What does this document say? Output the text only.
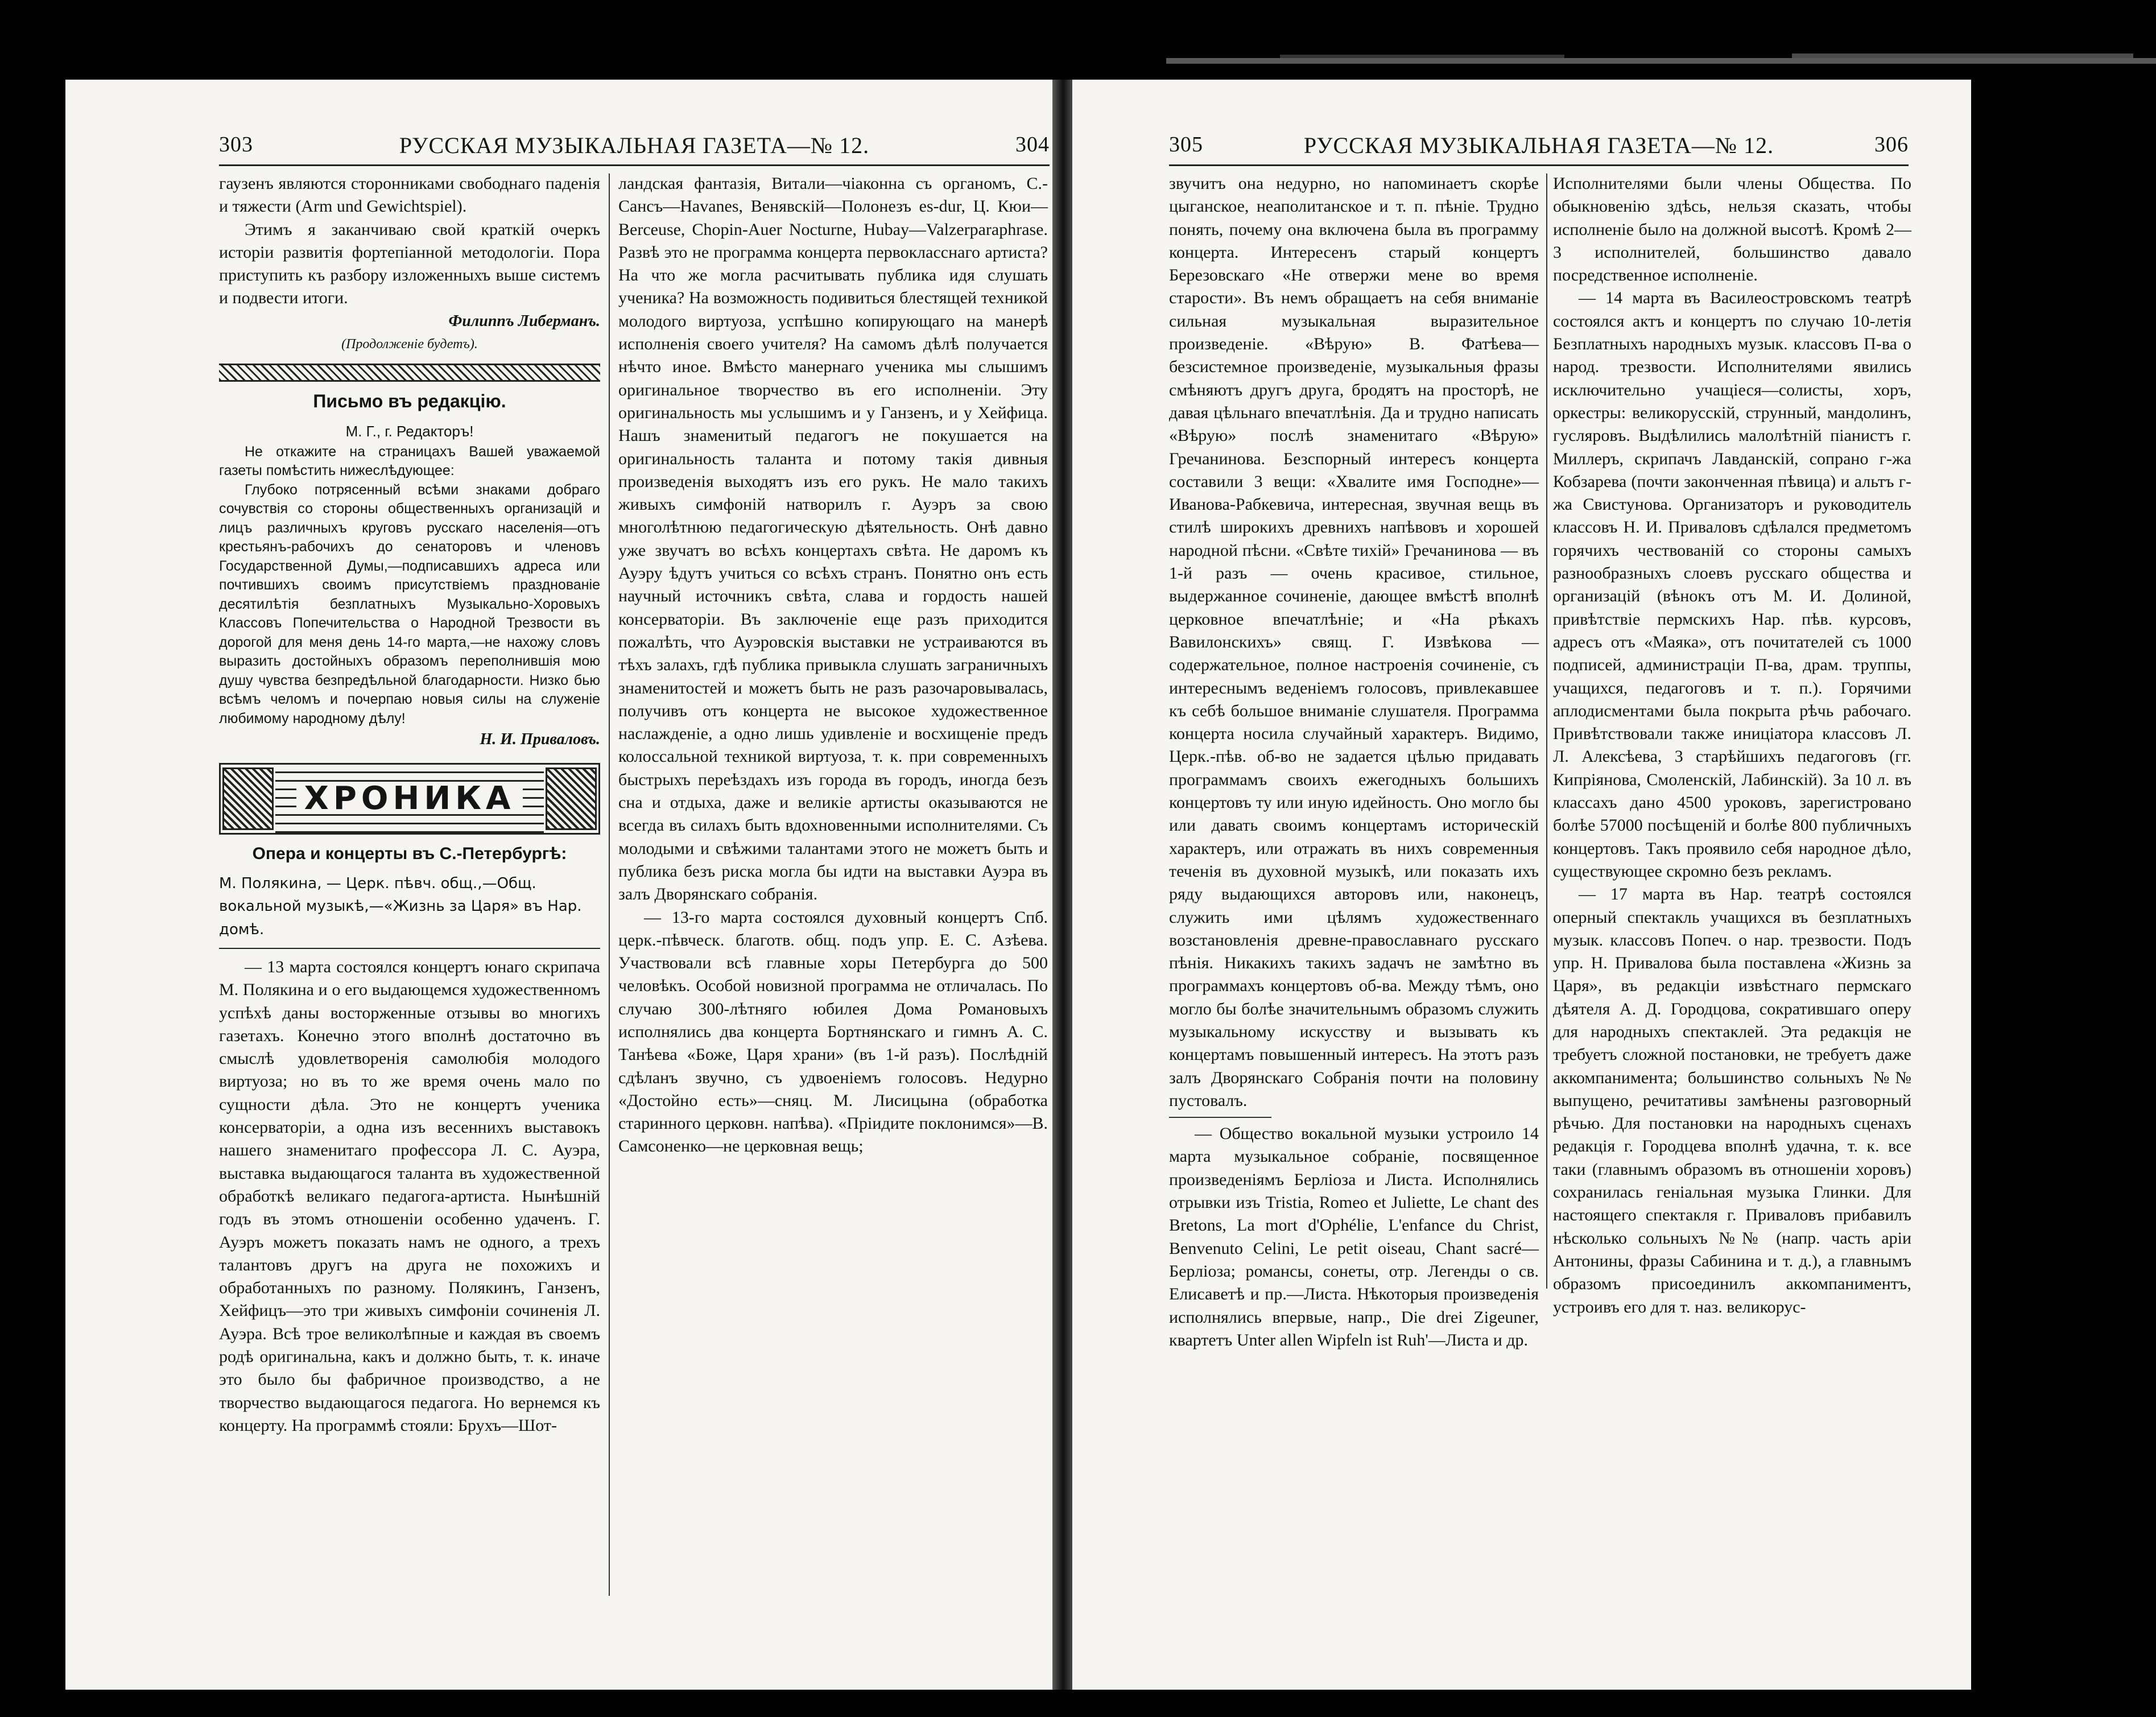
303	РУССКАЯ МУЗЫКАЛЬНАЯ ГАЗЕТА—№ 12.	304

гаузенъ являются сторонниками свободнаго паденія и тяжести (Arm und Gewichtspiel).

Этимъ я заканчиваю свой краткій очеркъ исторіи развитія фортепіанной методологіи. Пора приступить къ разбору изложенныхъ выше системъ и подвести итоги.

Филиппъ Либерманъ.

(Продолженіе будетъ).

Письмо въ редакцію.

М. Г., г. Редакторъ!

Не откажите на страницахъ Вашей уважаемой газеты помѣстить нижеслѣдующее:

Глубоко потрясенный всѣми знаками добраго сочувствія со стороны общественныхъ организацій и лицъ различныхъ круговъ русскаго населенія—отъ крестьянъ-рабочихъ до сенаторовъ и членовъ Государственной Думы,—подписавшихъ адреса или почтившихъ своимъ присутствіемъ празднованіе десятилѣтія безплатныхъ Музыкально-Хоровыхъ Классовъ Попечительства о Народной Трезвости въ дорогой для меня день 14-го марта,—не нахожу словъ выразить достойныхъ образомъ переполнившія мою душу чувства безпредѣльной благодарности. Низко бью всѣмъ челомъ и почерпаю новыя силы на служеніе любимому народному дѣлу!

Н. И. Приваловъ.

ХРОНИКА

Опера и концерты въ С.-Петербургѣ:

М. Полякина, — Церк. пѣвч. общ.,—Общ. вокальной музыкѣ,—«Жизнь за Царя» въ Нар. домѣ.

— 13 марта состоялся концертъ юнаго скрипача М. Полякина и о его выдающемся художественномъ успѣхѣ даны восторженные отзывы во многихъ газетахъ. Конечно этого вполнѣ достаточно въ смыслѣ удовлетворенія самолюбія молодого виртуоза; но въ то же время очень мало по сущности дѣла. Это не концертъ ученика консерваторіи, а одна изъ весеннихъ выставокъ нашего знаменитаго профессора Л. С. Ауэра, выставка выдающагося таланта въ художественной обработкѣ великаго педагога-артиста. Нынѣшній годъ въ этомъ отношеніи особенно удаченъ. Г. Ауэръ можетъ показать намъ не одного, а трехъ талантовъ другъ на друга не похожихъ и обработанныхъ по разному. Полякинъ, Ганзенъ, Хейфицъ—это три живыхъ симфоніи сочиненія Л. Ауэра. Всѣ трое великолѣпные и каждая въ своемъ родѣ оригинальна, какъ и должно быть, т. к. иначе это было бы фабричное производство, а не творчество выдающагося педагога. Но вернемся къ концерту. На программѣ стояли: Брухъ—Шот-

ландская фантазія, Витали—чіаконна съ органомъ, С.-Сансъ—Havanes, Венявскій—Полонезъ es-dur, Ц. Кюи—Berceuse, Chopin-Auer Nocturne, Hubay—Valzerparaphrase. Развѣ это не программа концерта первоклаcснаго артиста? На что же могла расчитывать публика идя слушать ученика? На возможность подивиться блестящей техникой молодого виртуоза, успѣшно копирующаго на манерѣ исполненія своего учителя? На самомъ дѣлѣ получается нѣчто иное. Вмѣсто манернаго ученика мы слышимъ оригинальное творчество въ его исполненіи. Эту оригинальность мы услышимъ и у Ганзенъ, и у Хейфица. Нашъ знаменитый педагогъ не покушается на оригинальность таланта и потому такія дивныя произведенія выходятъ изъ его рукъ. Не мало такихъ живыхъ симфоній натворилъ г. Ауэръ за свою многолѣтнюю педагогическую дѣятельность. Онѣ давно уже звучатъ во всѣхъ концертахъ свѣта. Не даромъ къ Ауэру ѣдутъ учиться со всѣхъ странъ. Понятно онъ есть научный источникъ свѣта, слава и гордость нашей консерваторіи. Въ заключеніе еще разъ приходится пожалѣть, что Ауэровскія выставки не устраиваются въ тѣхъ залахъ, гдѣ публика привыкла слушать заграничныхъ знаменитостей и можетъ быть не разъ разочаровывалась, получивъ отъ концерта не высокое художественное наслажденіе, а одно лишь удивленіе и восхищеніе предъ колоссальной техникой виртуоза, т. к. при современныхъ быстрыхъ переѣздахъ изъ города въ городъ, иногда безъ сна и отдыха, даже и великіе артисты оказываются не всегда въ силахъ быть вдохновенными исполнителями. Съ молодыми и свѣжими талантами этого не можетъ быть и публика безъ риска могла бы идти на выставки Ауэра въ залъ Дворянскаго собранія.

— 13-го марта состоялся духовный концертъ Спб. церк.-пѣвческ. благотв. общ. подъ упр. Е. С. Азѣева. Участвовали всѣ главные хоры Петербурга до 500 человѣкъ. Особой новизной программа не отличалась. По случаю 300-лѣтняго юбилея Дома Романовыхъ исполнялись два концерта Бортнянскаго и гимнъ А. С. Танѣева «Боже, Царя храни» (въ 1-й разъ). Послѣдній сдѣланъ звучно, съ удвоеніемъ голосовъ. Недурно «Достойно есть»—сняц. М. Лисицына (обработка старинного церковн. напѣва). «Пріидите поклонимся»—В. Самсоненко—не церковная вещь;

305	РУССКАЯ МУЗЫКАЛЬНАЯ ГАЗЕТА—№ 12.	306

звучитъ она недурно, но напоминаетъ скорѣе цыганское, неаполитанское и т. п. пѣніе. Трудно понять, почему она включена была въ программу концерта. Интересенъ старый концертъ Березовскаго «Не отвержи мене во время старости». Въ немъ обращаетъ на себя вниманіе сильная музыкальная выразительное произведеніе. «Вѣрую» В. Фатѣева—безсистемное произведеніе, музыкальныя фразы смѣняютъ другъ друга, бродятъ на просторѣ, не давая цѣльнаго впечатлѣнія. Да и трудно написать «Вѣрую» послѣ знаменитаго «Вѣрую» Гречанинова. Безспорный интересъ концерта составили 3 вещи: «Хвалите имя Господне»—Иванова-Рабкевича, интересная, звучная вещь въ стилѣ широкихъ древнихъ напѣвовъ и хорошей народной пѣсни. «Свѣте тихій» Гречанинова — въ 1-й разъ — очень красивое, стильное, выдержанное сочиненіе, дающее вмѣстѣ вполнѣ церковное впечатлѣніе; и «На рѣкахъ Вавилонскихъ» свящ. Г. Извѣкова — содержательное, полное настроенія сочиненіе, съ интереснымъ веденіемъ голосовъ, привлекавшее къ себѣ большое вниманіе слушателя. Программа концерта носила случайный характеръ. Видимо, Церк.-пѣв. об-во не задается цѣлью придавать программамъ своихъ ежегодныхъ большихъ концертовъ ту или иную идейность. Оно могло бы или давать своимъ концертамъ историческій характеръ, или отражать въ нихъ современныя теченія въ духовной музыкѣ, или показать ихъ ряду выдающихся авторовъ или, наконецъ, служить ими цѣлямъ художественнаго возстановленія древне-православнаго русскаго пѣнія. Никакихъ такихъ задачъ не замѣтно въ программахъ концертовъ об-ва. Между тѣмъ, оно могло бы болѣе значительнымъ образомъ служить музыкальному искусству и вызывать къ концертамъ повышенный интересъ. На этотъ разъ залъ Дворянскаго Собранія почти на половину пустовалъ.

— Общество вокальной музыки устроило 14 марта музыкальное собраніе, посвященное произведеніямъ Берліоза и Листа. Исполнялись отрывки изъ Tristia, Romeo et Juliette, Le chant des Bretons, La mort d'Ophélie, L'enfance du Christ, Benvenuto Celini, Le petit oiseau, Chant sacré—Берліоза; романсы, сонеты, отр. Легенды о св. Елисаветѣ и пр.—Листа. Нѣкоторыя произведенія исполнялись впервые, напр., Die drei Zigeuner, квартетъ Unter allen Wipfeln ist Ruh'—Листа и др.

Исполнителями были члены Общества. По обыкновенію здѣсь, нельзя сказать, чтобы исполненіе было на должной высотѣ. Кромѣ 2—3 исполнителей, большинство давало посредственное исполненіе.

— 14 марта въ Василеостровскомъ театрѣ состоялся актъ и концертъ по случаю 10-летія Безплатныхъ народныхъ музык. классовъ П-ва о народ. трезвости. Исполнителями явились исключительно учащіеся—солисты, хоръ, оркестры: великорусскій, струнный, мандолинъ, гусляровъ. Выдѣлились малолѣтній піанистъ г. Миллеръ, скрипачъ Лавданскій, сопрано г-жа Кобзарева (почти законченная пѣвица) и альтъ г-жа Свистунова. Организаторъ и руководитель классовъ Н. И. Приваловъ сдѣлался предметомъ горячихъ чествованій со стороны самыхъ разнообразныхъ слоевъ русскаго общества и организацій (вѣнокъ отъ М. И. Долиной, привѣтствіе пермскихъ Нар. пѣв. курсовъ, адресъ отъ «Маяка», отъ почитателей съ 1000 подписей, администраціи П-ва, драм. труппы, учащихся, педагоговъ и т. п.). Горячими аплодисментами была покрыта рѣчь рабочаго. Привѣтствовали также иниціатора классовъ Л. Л. Алексѣева, 3 старѣйшихъ педагоговъ (гг. Кипріянова, Смоленскій, Лабинскій). За 10 л. въ классахъ дано 4500 уроковъ, зарегистровано болѣе 57000 посѣщеній и болѣе 800 публичныхъ концертовъ. Такъ проявило себя народное дѣло, существующее скромно безъ рекламъ.

— 17 марта въ Нар. театрѣ состоялся оперный спектакль учащихся въ безплатныхъ музык. классовъ Попеч. о нар. трезвости. Подъ упр. Н. Привалова была поставлена «Жизнь за Царя», въ редакціи извѣстнаго пермскаго дѣятеля А. Д. Городцова, сократившаго оперу для народныхъ спектаклей. Эта редакція не требуетъ сложной постановки, не требуетъ даже аккомпанимента; большинство сольныхъ №№ выпущено, речитативы замѣнены разговорный рѣчью. Для постановки на народныхъ сценахъ редакція г. Городцева вполнѣ удачна, т. к. все таки (главнымъ образомъ въ отношеніи хоровъ) сохранилась геніальная музыка Глинки. Для настоящего спектакля г. Приваловъ прибавилъ нѣсколько сольныхъ №№ (напр. часть аріи Антонины, фразы Сабинина и т. д.), а главнымъ образомъ присоединилъ аккомпаниментъ, устроивъ его для т. наз. великорус-
